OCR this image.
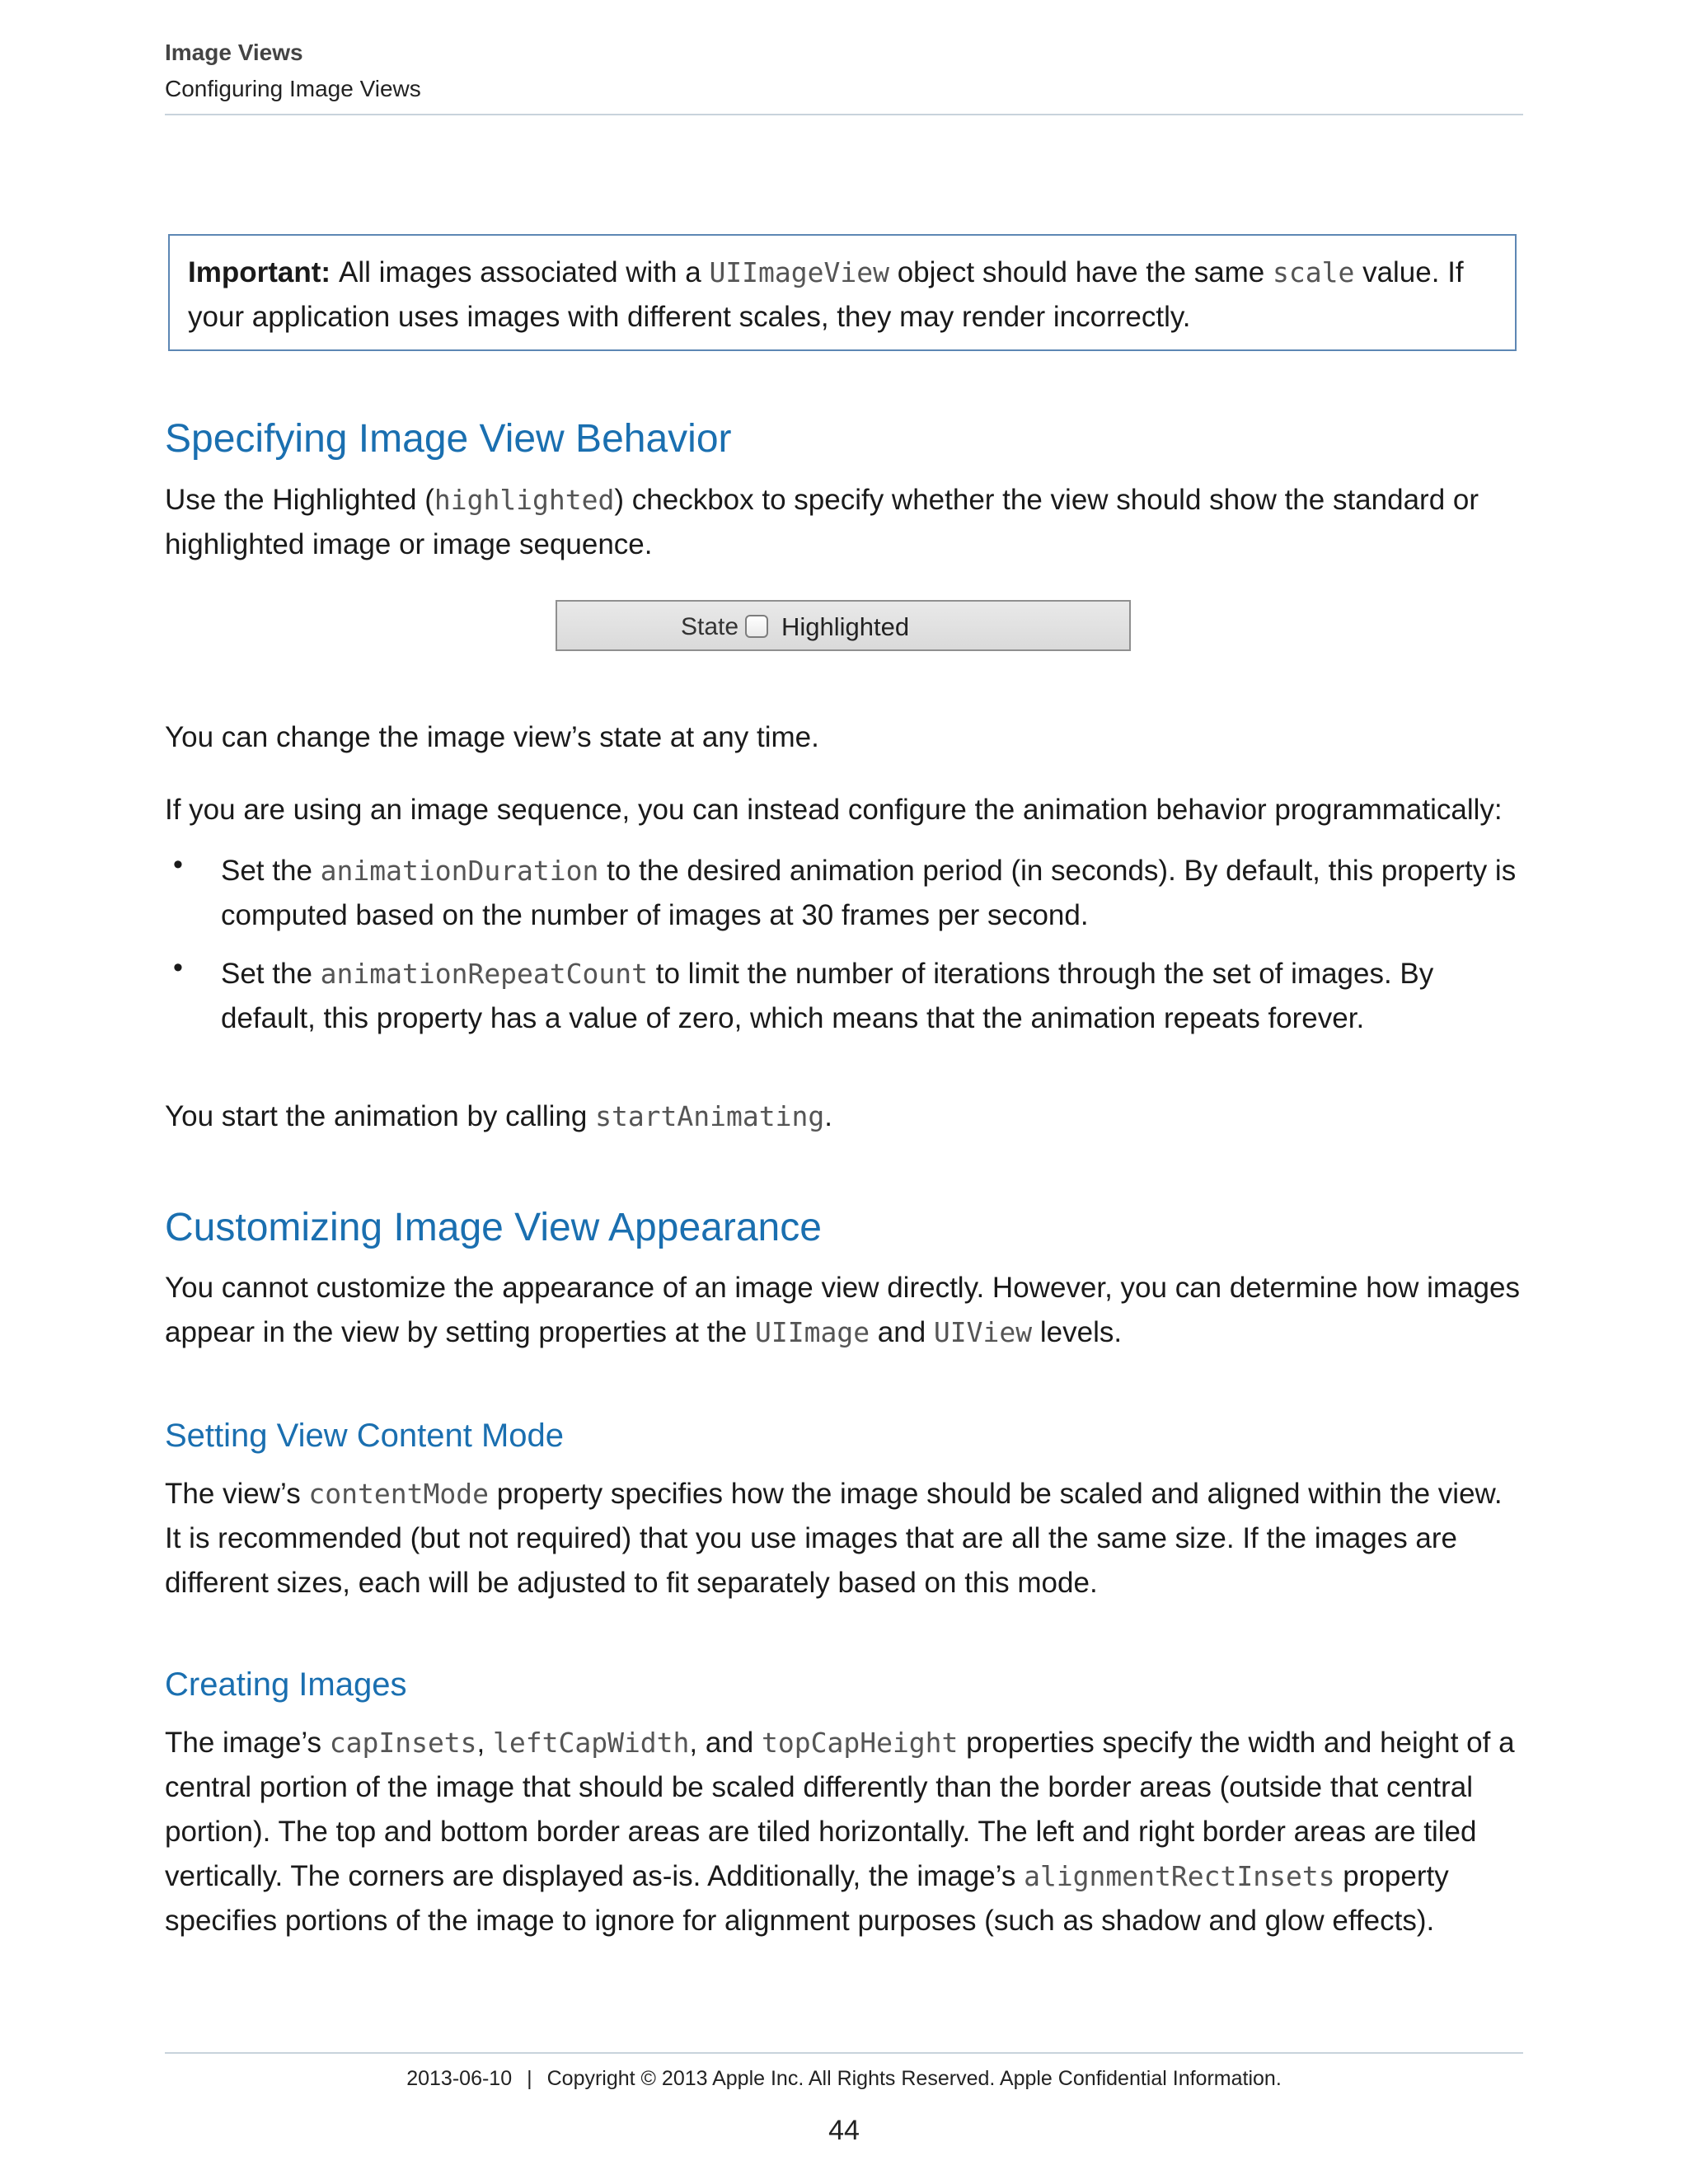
Image Views
Configuring Image Views
Important: All images associated with a UIImageView object should have the same scale value. If your application uses images with different scales, they may render incorrectly.
Specifying Image View Behavior
Use the Highlighted (highlighted) checkbox to specify whether the view should show the standard or highlighted image or image sequence.
State Highlighted
You can change the image view’s state at any time.
If you are using an image sequence, you can instead configure the animation behavior programmatically:
• Set the animationDuration to the desired animation period (in seconds). By default, this property is computed based on the number of images at 30 frames per second.
• Set the animationRepeatCount to limit the number of iterations through the set of images. By default, this property has a value of zero, which means that the animation repeats forever.
You start the animation by calling startAnimating.
Customizing Image View Appearance
You cannot customize the appearance of an image view directly. However, you can determine how images appear in the view by setting properties at the UIImage and UIView levels.
Setting View Content Mode
The view’s contentMode property specifies how the image should be scaled and aligned within the view. It is recommended (but not required) that you use images that are all the same size. If the images are different sizes, each will be adjusted to fit separately based on this mode.
Creating Images
The image’s capInsets, leftCapWidth, and topCapHeight properties specify the width and height of a central portion of the image that should be scaled differently than the border areas (outside that central portion). The top and bottom border areas are tiled horizontally. The left and right border areas are tiled vertically. The corners are displayed as-is. Additionally, the image’s alignmentRectInsets property specifies portions of the image to ignore for alignment purposes (such as shadow and glow effects).
2013-06-10 | Copyright © 2013 Apple Inc. All Rights Reserved. Apple Confidential Information.
44
